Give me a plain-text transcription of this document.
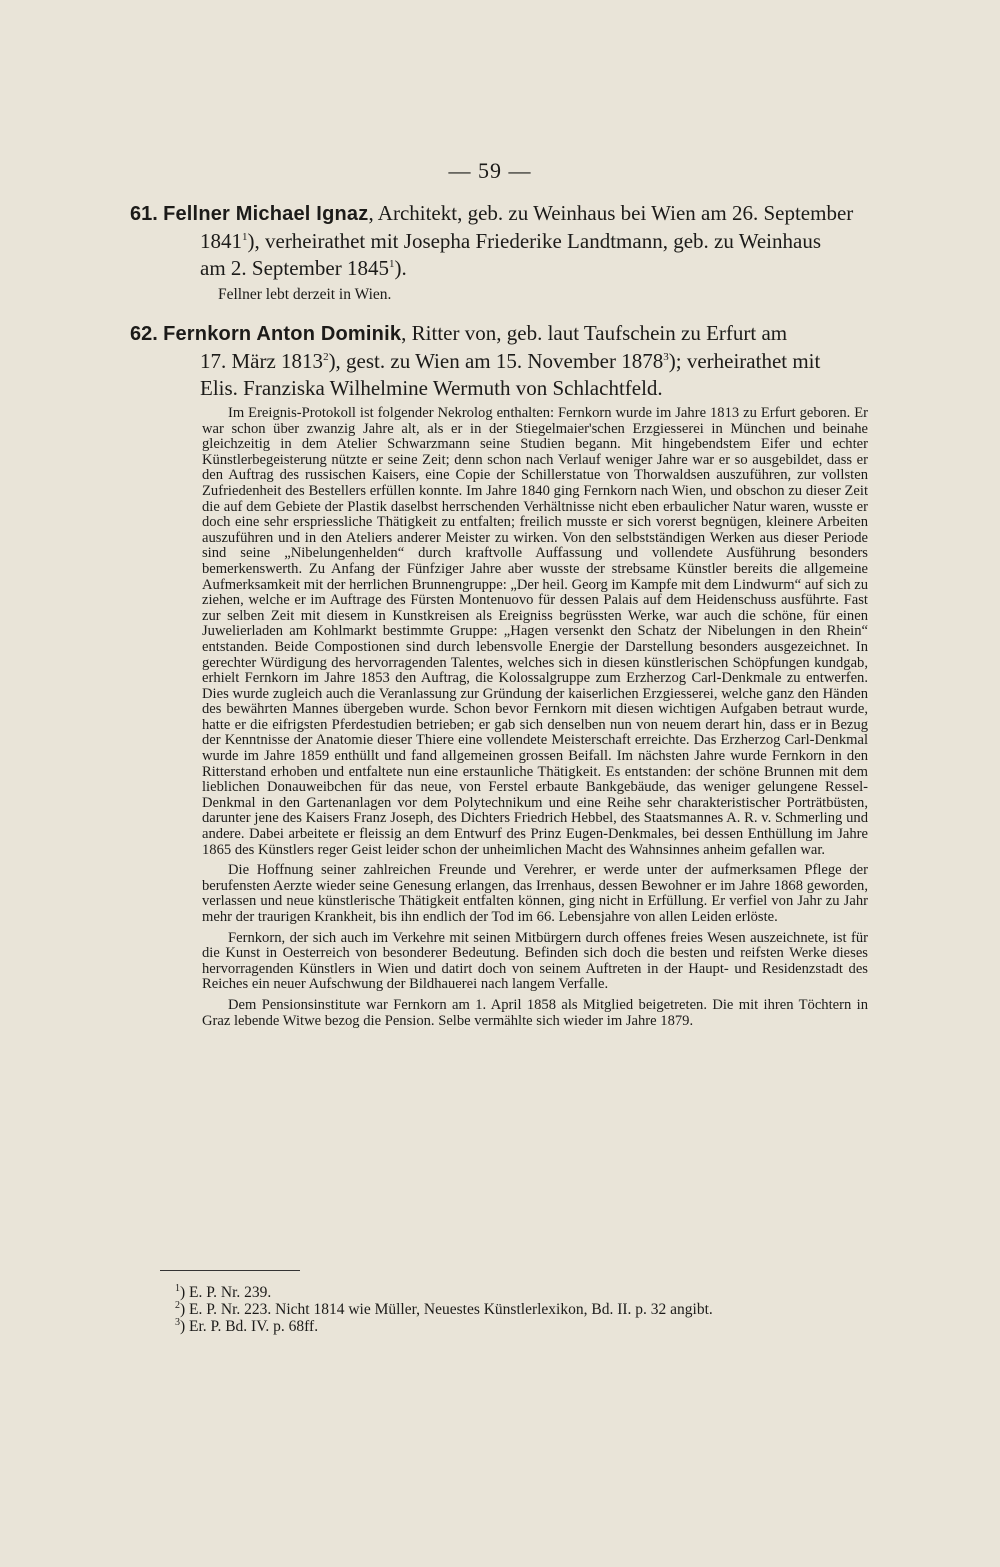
— 59 —
61. Fellner Michael Ignaz, Architekt, geb. zu Weinhaus bei Wien am 26. September
1841$^1$), verheirathet mit Josepha Friederike Landtmann, geb. zu Weinhaus
am 2. September 1845$^1$).
Fellner lebt derzeit in Wien.
62. Fernkorn Anton Dominik, Ritter von, geb. laut Taufschein zu Erfurt am
17. März 1813$^2$), gest. zu Wien am 15. November 1878$^3$); verheirathet mit
Elis. Franziska Wilhelmine Wermuth von Schlachtfeld.

Im Ereignis-Protokoll ist folgender Nekrolog enthalten: Fernkorn wurde im Jahre 1813 zu Erfurt geboren. Er war schon über zwanzig Jahre alt, als er in der Stiegelmaier'schen Erzgiesserei in München und beinahe gleichzeitig in dem Atelier Schwarzmann seine Studien begann. Mit hingebendstem Eifer und echter Künstlerbegeisterung nützte er seine Zeit; denn schon nach Verlauf weniger Jahre war er so ausgebildet, dass er den Auftrag des russischen Kaisers, eine Copie der Schillerstatue von Thorwaldsen auszuführen, zur vollsten Zufriedenheit des Bestellers erfüllen konnte. Im Jahre 1840 ging Fernkorn nach Wien, und obschon zu dieser Zeit die auf dem Gebiete der Plastik daselbst herrschenden Verhältnisse nicht eben erbaulicher Natur waren, wusste er doch eine sehr erspriessliche Thätigkeit zu entfalten; freilich musste er sich vorerst begnügen, kleinere Arbeiten auszuführen und in den Ateliers anderer Meister zu wirken. Von den selbstständigen Werken aus dieser Periode sind seine „Nibelungenhelden“ durch kraftvolle Auffassung und vollendete Ausführung besonders bemerkenswerth. Zu Anfang der Fünfziger Jahre aber wusste der strebsame Künstler bereits die allgemeine Aufmerksamkeit mit der herrlichen Brunnengruppe: „Der heil. Georg im Kampfe mit dem Lindwurm“ auf sich zu ziehen, welche er im Auftrage des Fürsten Montenuovo für dessen Palais auf dem Heidenschuss ausführte. Fast zur selben Zeit mit diesem in Kunstkreisen als Ereigniss begrüssten Werke, war auch die schöne, für einen Juwelierladen am Kohlmarkt bestimmte Gruppe: „Hagen versenkt den Schatz der Nibelungen in den Rhein“ entstanden. Beide Compostionen sind durch lebensvolle Energie der Darstellung besonders ausgezeichnet. In gerechter Würdigung des hervorragenden Talentes, welches sich in diesen künstlerischen Schöpfungen kundgab, erhielt Fernkorn im Jahre 1853 den Auftrag, die Kolossalgruppe zum Erzherzog Carl-Denkmale zu entwerfen. Dies wurde zugleich auch die Veranlassung zur Gründung der kaiserlichen Erzgiesserei, welche ganz den Händen des bewährten Mannes übergeben wurde. Schon bevor Fernkorn mit diesen wichtigen Aufgaben betraut wurde, hatte er die eifrigsten Pferdestudien betrieben; er gab sich denselben nun von neuem derart hin, dass er in Bezug der Kenntnisse der Anatomie dieser Thiere eine vollendete Meisterschaft erreichte. Das Erzherzog Carl-Denkmal wurde im Jahre 1859 enthüllt und fand allgemeinen grossen Beifall. Im nächsten Jahre wurde Fernkorn in den Ritterstand erhoben und entfaltete nun eine erstaunliche Thätigkeit. Es entstanden: der schöne Brunnen mit dem lieblichen Donauweibchen für das neue, von Ferstel erbaute Bankgebäude, das weniger gelungene Ressel-Denkmal in den Gartenanlagen vor dem Polytechnikum und eine Reihe sehr charakteristischer Porträtbüsten, darunter jene des Kaisers Franz Joseph, des Dichters Friedrich Hebbel, des Staatsmannes A. R. v. Schmerling und andere. Dabei arbeitete er fleissig an dem Entwurf des Prinz Eugen-Denkmales, bei dessen Enthüllung im Jahre 1865 des Künstlers reger Geist leider schon der unheimlichen Macht des Wahnsinnes anheim gefallen war.

Die Hoffnung seiner zahlreichen Freunde und Verehrer, er werde unter der aufmerksamen Pflege der berufensten Aerzte wieder seine Genesung erlangen, das Irrenhaus, dessen Bewohner er im Jahre 1868 geworden, verlassen und neue künstlerische Thätigkeit entfalten können, ging nicht in Erfüllung. Er verfiel von Jahr zu Jahr mehr der traurigen Krankheit, bis ihn endlich der Tod im 66. Lebensjahre von allen Leiden erlöste.

Fernkorn, der sich auch im Verkehre mit seinen Mitbürgern durch offenes freies Wesen auszeichnete, ist für die Kunst in Oesterreich von besonderer Bedeutung. Befinden sich doch die besten und reifsten Werke dieses hervorragenden Künstlers in Wien und datirt doch von seinem Auftreten in der Haupt- und Residenzstadt des Reiches ein neuer Aufschwung der Bildhauerei nach langem Verfalle.

Dem Pensionsinstitute war Fernkorn am 1. April 1858 als Mitglied beigetreten. Die mit ihren Töchtern in Graz lebende Witwe bezog die Pension. Selbe vermählte sich wieder im Jahre 1879.

$^1$) E. P. Nr. 239.
$^2$) E. P. Nr. 223. Nicht 1814 wie Müller, Neuestes Künstlerlexikon, Bd. II. p. 32 angibt.
$^3$) Er. P. Bd. IV. p. 68ff.
